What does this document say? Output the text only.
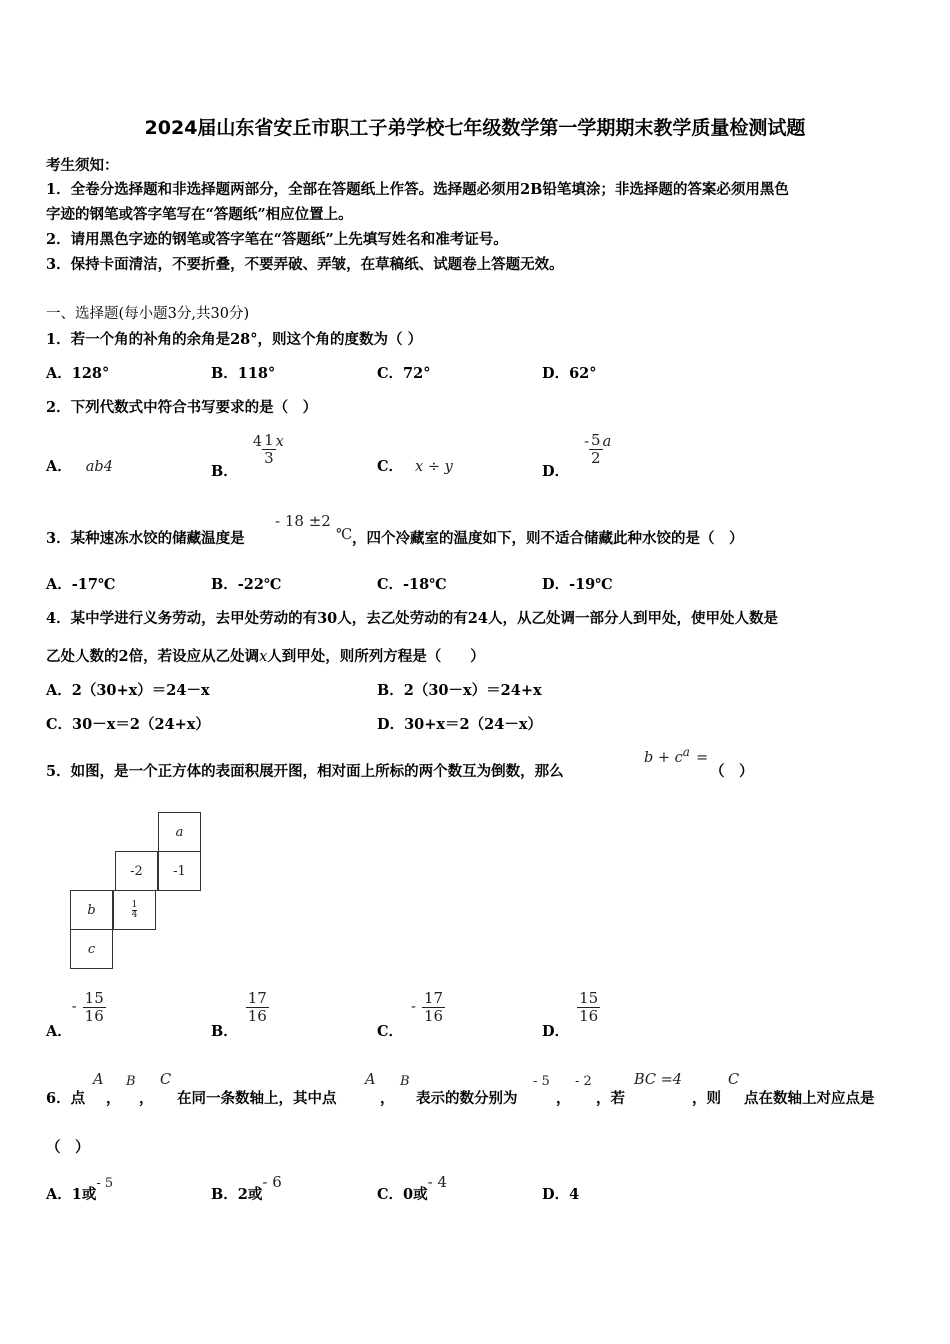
2024届山东省安丘市职工子弟学校七年级数学第一学期期末教学质量检测试题
考生须知：
1．全卷分选择题和非选择题两部分，全部在答题纸上作答。选择题必须用2B铅笔填涂；非选择题的答案必须用黑色
字迹的钢笔或答字笔写在“答题纸”相应位置上。
2．请用黑色字迹的钢笔或答字笔在“答题纸”上先填写姓名和准考证号。
3．保持卡面清洁，不要折叠，不要弄破、弄皱，在草稿纸、试题卷上答题无效。
一、选择题(每小题3分,共30分)
1．若一个角的补角的余角是28°，则这个角的度数为（ ）
A．128°	B．118°	C．72°	D．62°
2．下列代数式中符合书写要求的是（　）
A． ab4	B． $4 \frac{1}{3}$ x
C． x ÷ y	D． - $\frac{5}{2}$ a
3．某种速冻水饺的储藏温度是
- 18 ±2
℃ ，四个冷藏室的温度如下，则不适合储藏此种水饺的是（　）
A．-17℃	B．-22℃	C．-18℃	D．-19℃
4．某中学进行义务劳动，去甲处劳动的有30人，去乙处劳动的有24人，从乙处调一部分人到甲处，使甲处人数是
乙处人数的2倍，若设应从乙处调x人到甲处，则所列方程是（　　）
A．2（30+x）＝24－x	B．2（30－x）＝24+x
C．30－x＝2（24+x）	D．30+x＝2（24－x）
5．如图，是一个正方体的表面积展开图，相对面上所标的两个数互为倒数，那么
$b + c^a$ =
（　）
a
-2	-1
b	$\frac{1}{4}$
c
A．- $\frac{15}{16}$
B．
$\frac{17}{16}$
C．- $\frac{17}{16}$
D．
$\frac{15}{16}$
6．点
A
，
B
，
C
在同一条数轴上，其中点
A
，
B
表示的数分别为
- 5
，
- 2
，若
BC =4
，则
C
点在数轴上对应点是
（　）
A．1或- 5
B．2或- 6
C．0或- 4
D．4
